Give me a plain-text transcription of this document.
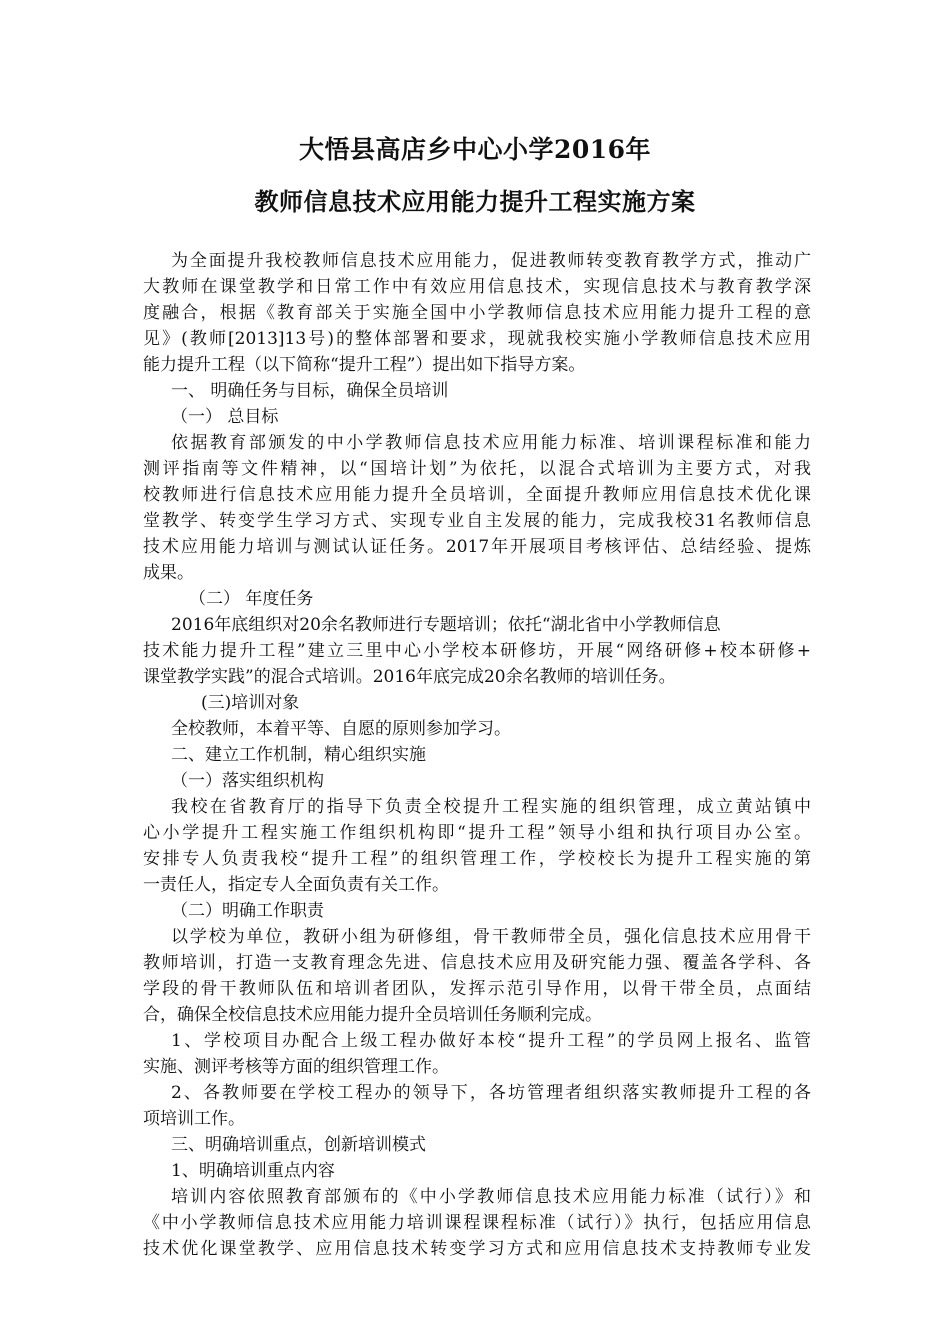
大悟县高店乡中心小学2016年
教师信息技术应用能力提升工程实施方案
为全面提升我校教师信息技术应用能力，促进教师转变教育教学方式，推动广
大教师在课堂教学和日常工作中有效应用信息技术，实现信息技术与教育教学深
度融合，根据《教育部关于实施全国中小学教师信息技术应用能力提升工程的意
见》(教师[2013]13号)的整体部署和要求，现就我校实施小学教师信息技术应用
能力提升工程（以下简称“提升工程”）提出如下指导方案。
一、 明确任务与目标，确保全员培训
（一） 总目标
依据教育部颁发的中小学教师信息技术应用能力标准、培训课程标准和能力
测评指南等文件精神，以“国培计划”为依托，以混合式培训为主要方式，对我
校教师进行信息技术应用能力提升全员培训，全面提升教师应用信息技术优化课
堂教学、转变学生学习方式、实现专业自主发展的能力，完成我校31名教师信息
技术应用能力培训与测试认证任务。2017年开展项目考核评估、总结经验、提炼
成果。
（二） 年度任务
2016年底组织对20余名教师进行专题培训；依托“湖北省中小学教师信息
技术能力提升工程”建立三里中心小学校本研修坊，开展“网络研修+校本研修+
课堂教学实践”的混合式培训。2016年底完成20余名教师的培训任务。
(三)培训对象
全校教师，本着平等、自愿的原则参加学习。
二、建立工作机制，精心组织实施
（一）落实组织机构
我校在省教育厅的指导下负责全校提升工程实施的组织管理，成立黄站镇中
心小学提升工程实施工作组织机构即“提升工程”领导小组和执行项目办公室。
安排专人负责我校“提升工程”的组织管理工作，学校校长为提升工程实施的第
一责任人，指定专人全面负责有关工作。
（二）明确工作职责
以学校为单位，教研小组为研修组，骨干教师带全员，强化信息技术应用骨干
教师培训，打造一支教育理念先进、信息技术应用及研究能力强、覆盖各学科、各
学段的骨干教师队伍和培训者团队，发挥示范引导作用，以骨干带全员，点面结
合，确保全校信息技术应用能力提升全员培训任务顺利完成。
1、学校项目办配合上级工程办做好本校“提升工程”的学员网上报名、监管
实施、测评考核等方面的组织管理工作。
2、各教师要在学校工程办的领导下，各坊管理者组织落实教师提升工程的各
项培训工作。
三、明确培训重点，创新培训模式
1、明确培训重点内容
培训内容依照教育部颁布的《中小学教师信息技术应用能力标准（试行）》和
《中小学教师信息技术应用能力培训课程课程标准（试行）》执行，包括应用信息
技术优化课堂教学、应用信息技术转变学习方式和应用信息技术支持教师专业发
